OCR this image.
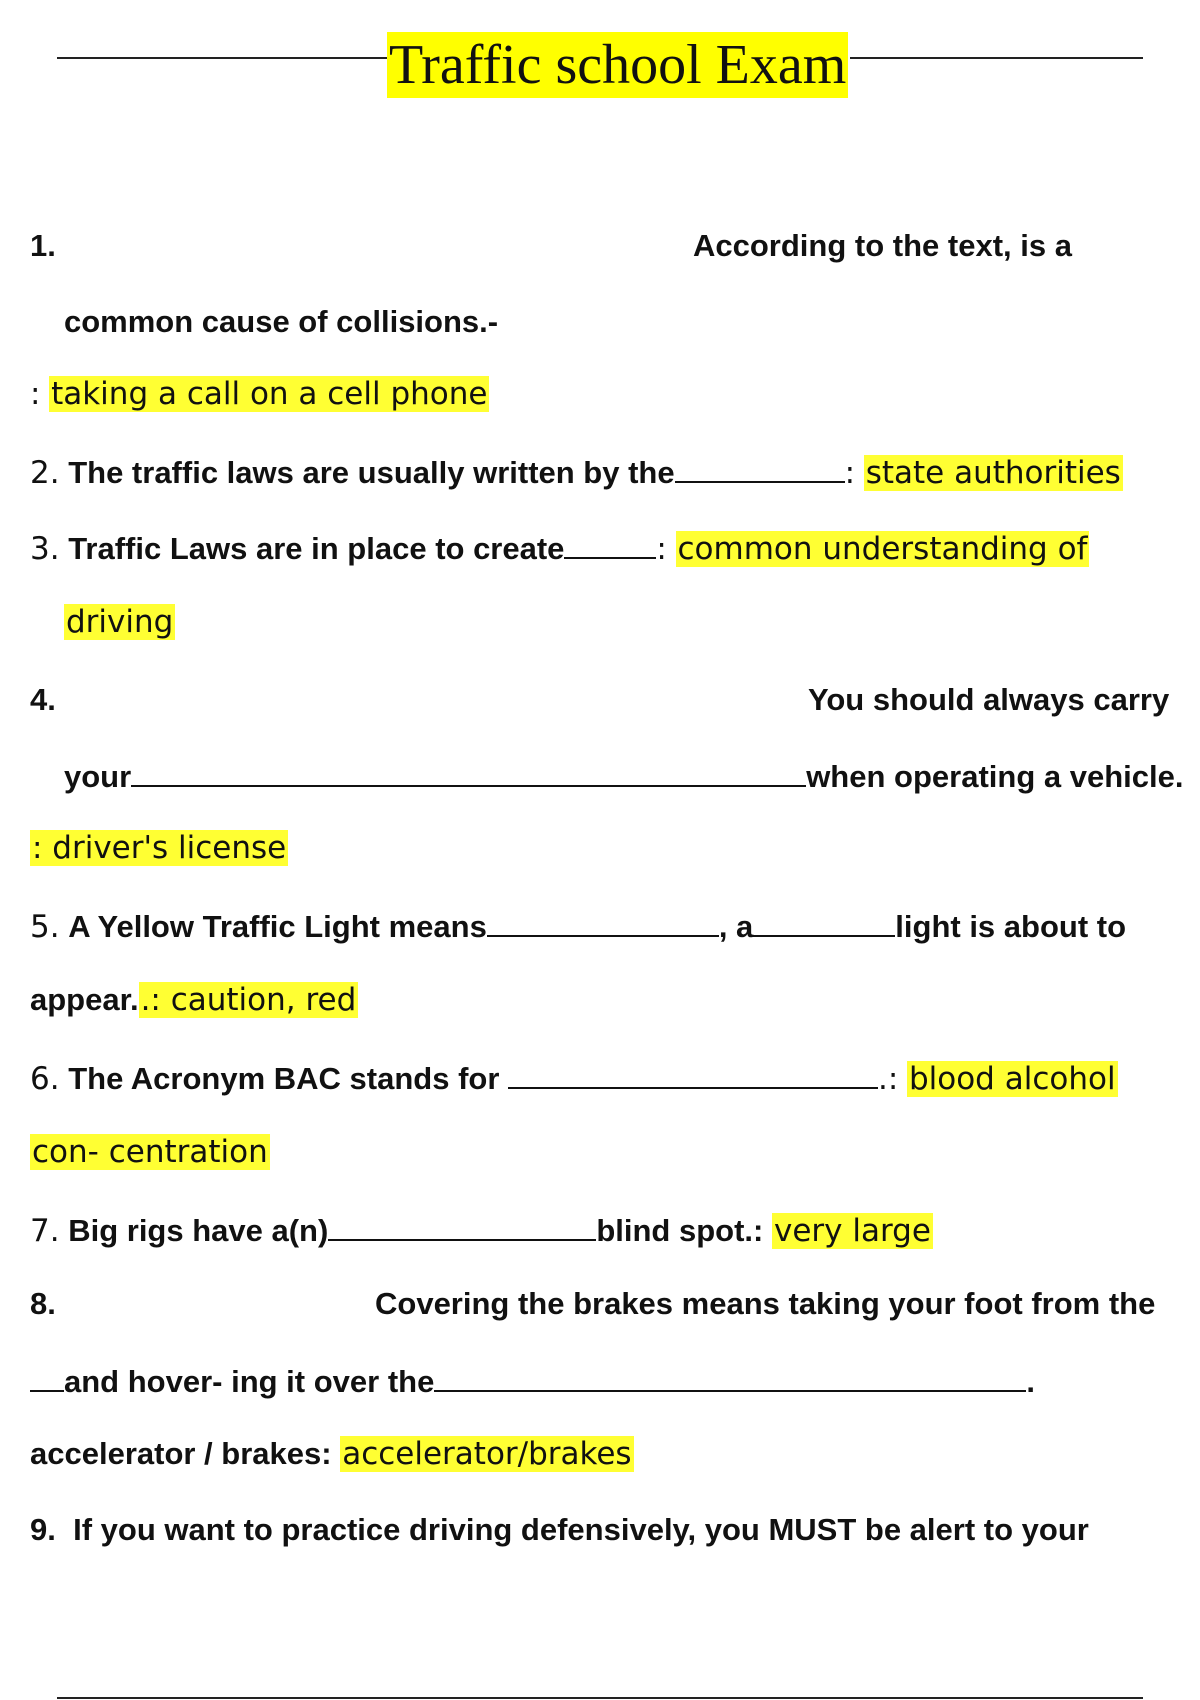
Traffic school Exam
1.	According to the text, is a
common cause of collisions.-
: taking a call on a cell phone
2. The traffic laws are usually written by the	: state authorities
3. Traffic Laws are in place to create	: common understanding of
driving
4.	You should always carry
your	when operating a vehicle.
: driver's license
5. A Yellow Traffic Light means	, a	light is about to
appear..: caution, red
6. The Acronym BAC stands for	.: blood alcohol
con- centration
7. Big rigs have a(n)	blind spot.: very large
8.	Covering the brakes means taking your foot from the
and hover- ing it over the	.
accelerator / brakes: accelerator/brakes
9. If you want to practice driving defensively, you MUST be alert to your
